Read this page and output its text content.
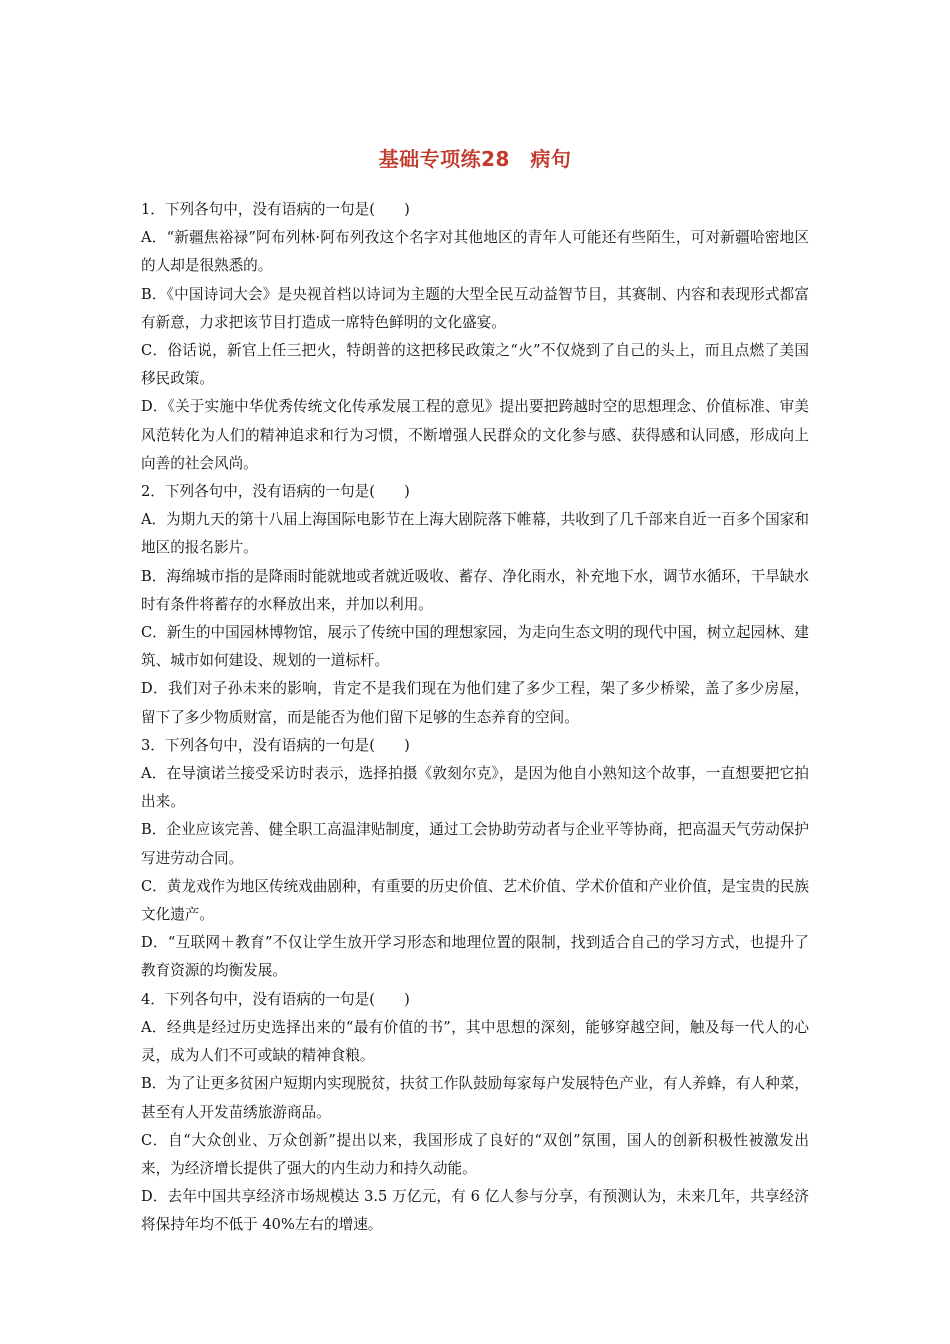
基础专项练28　病句

1．下列各句中，没有语病的一句是(　　)

A．“新疆焦裕禄”阿布列林·阿布列孜这个名字对其他地区的青年人可能还有些陌生，可对新疆哈密地区的人却是很熟悉的。

B．《中国诗词大会》是央视首档以诗词为主题的大型全民互动益智节目，其赛制、内容和表现形式都富有新意，力求把该节目打造成一席特色鲜明的文化盛宴。

C．俗话说，新官上任三把火，特朗普的这把移民政策之“火”不仅烧到了自己的头上，而且点燃了美国移民政策。

D．《关于实施中华优秀传统文化传承发展工程的意见》提出要把跨越时空的思想理念、价值标准、审美风范转化为人们的精神追求和行为习惯，不断增强人民群众的文化参与感、获得感和认同感，形成向上向善的社会风尚。

2．下列各句中，没有语病的一句是(　　)

A．为期九天的第十八届上海国际电影节在上海大剧院落下帷幕，共收到了几千部来自近一百多个国家和地区的报名影片。

B．海绵城市指的是降雨时能就地或者就近吸收、蓄存、净化雨水，补充地下水，调节水循环，干旱缺水时有条件将蓄存的水释放出来，并加以利用。

C．新生的中国园林博物馆，展示了传统中国的理想家园，为走向生态文明的现代中国，树立起园林、建筑、城市如何建设、规划的一道标杆。

D．我们对子孙未来的影响，肯定不是我们现在为他们建了多少工程，架了多少桥梁，盖了多少房屋，留下了多少物质财富，而是能否为他们留下足够的生态养育的空间。

3．下列各句中，没有语病的一句是(　　)

A．在导演诺兰接受采访时表示，选择拍摄《敦刻尔克》，是因为他自小熟知这个故事，一直想要把它拍出来。

B．企业应该完善、健全职工高温津贴制度，通过工会协助劳动者与企业平等协商，把高温天气劳动保护写进劳动合同。

C．黄龙戏作为地区传统戏曲剧种，有重要的历史价值、艺术价值、学术价值和产业价值，是宝贵的民族文化遗产。

D．“互联网＋教育”不仅让学生放开学习形态和地理位置的限制，找到适合自己的学习方式，也提升了教育资源的均衡发展。

4．下列各句中，没有语病的一句是(　　)

A．经典是经过历史选择出来的“最有价值的书”，其中思想的深刻，能够穿越空间，触及每一代人的心灵，成为人们不可或缺的精神食粮。

B．为了让更多贫困户短期内实现脱贫，扶贫工作队鼓励每家每户发展特色产业，有人养蜂，有人种菜，甚至有人开发苗绣旅游商品。

C．自“大众创业、万众创新”提出以来，我国形成了良好的“双创”氛围，国人的创新积极性被激发出来，为经济增长提供了强大的内生动力和持久动能。

D．去年中国共享经济市场规模达 3.5 万亿元，有 6 亿人参与分享，有预测认为，未来几年，共享经济将保持年均不低于 40%左右的增速。
